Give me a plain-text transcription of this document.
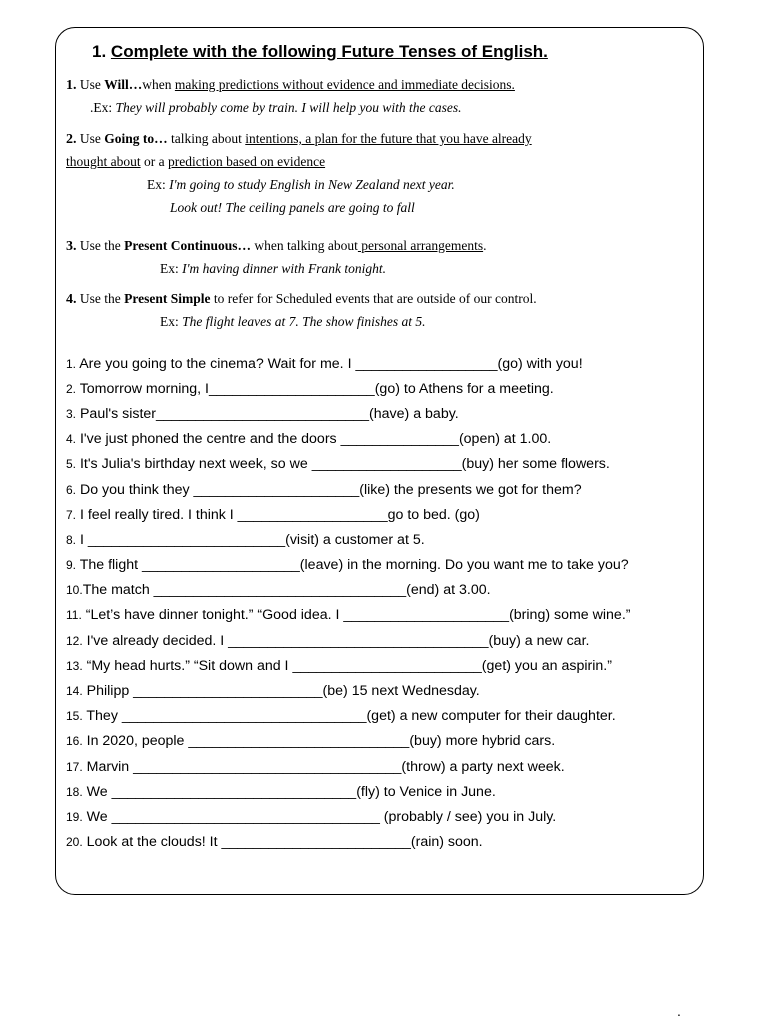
1. Complete with the following Future Tenses of English.

1. Use Will…when making predictions without evidence and immediate decisions.

.Ex: They will probably come by train. I will help you with the cases.

2. Use Going to… talking about intentions, a plan for the future that you have already

thought about or a prediction based on evidence

Ex: I'm going to study English in New Zealand next year.

Look out! The ceiling panels are going to fall

3. Use the Present Continuous… when talking about personal arrangements.

Ex: I'm having dinner with Frank tonight.

4. Use the Present Simple to refer for Scheduled events that are outside of our control.

Ex: The flight leaves at 7. The show finishes at 5.

1. Are you going to the cinema? Wait for me. I __________________(go) with you!

2. Tomorrow morning, I_____________________(go) to Athens for a meeting.

3. Paul's sister___________________________(have) a baby.

4. I've just phoned the centre and the doors _______________(open) at 1.00.

5. It's Julia's birthday next week, so we ___________________(buy) her some flowers.

6. Do you think they _____________________(like) the presents we got for them?

7. I feel really tired. I think I ___________________go to bed. (go)

8. I _________________________(visit) a customer at 5.

9. The flight ____________________(leave) in the morning. Do you want me to take you?

10.The match ________________________________(end) at 3.00.

11. “Let’s have dinner tonight.” “Good idea. I _____________________(bring) some wine.”

12. I've already decided. I _________________________________(buy) a new car.

13. “My head hurts.” “Sit down and I ________________________(get) you an aspirin.”

14. Philipp ________________________(be) 15 next Wednesday.

15. They _______________________________(get) a new computer for their daughter.

16. In 2020, people ____________________________(buy) more hybrid cars.

17. Marvin __________________________________(throw) a party next week.

18. We _______________________________(fly) to Venice in June.

19. We __________________________________ (probably / see) you in July.

20. Look at the clouds! It ________________________(rain) soon.

.
